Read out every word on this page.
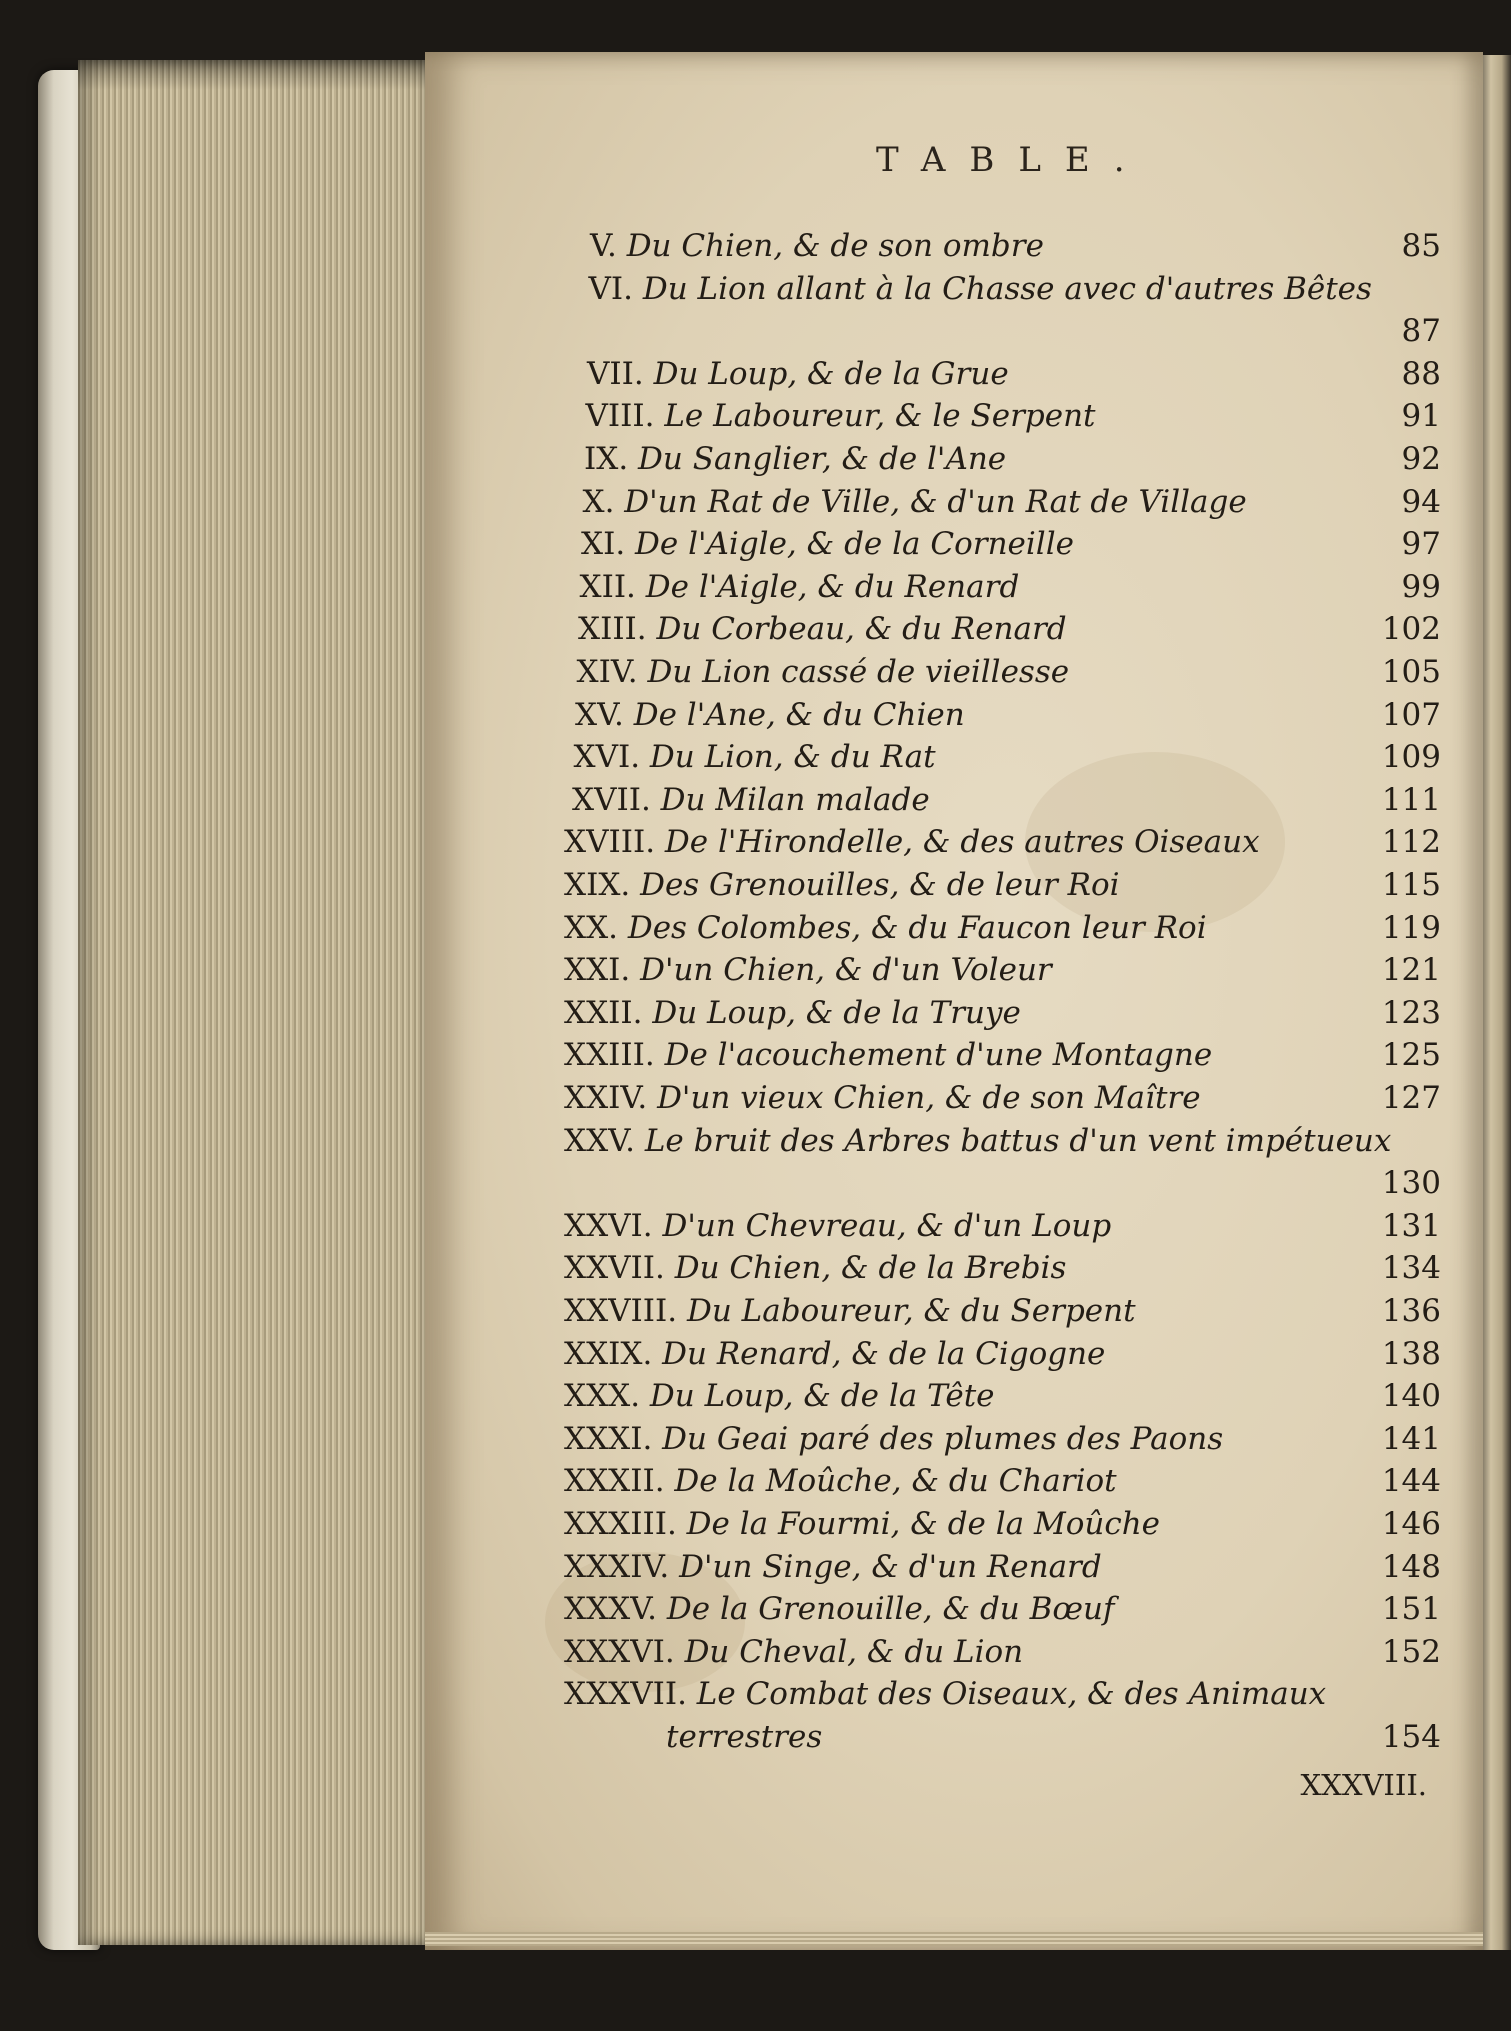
TABLE.
V. Du Chien, & de son ombre	85
VI. Du Lion allant à la Chasse avec d'autres Bêtes
87
VII. Du Loup, & de la Grue	88
VIII. Le Laboureur, & le Serpent	91
IX. Du Sanglier, & de l'Ane	92
X. D'un Rat de Ville, & d'un Rat de Village	94
XI. De l'Aigle, & de la Corneille	97
XII. De l'Aigle, & du Renard	99
XIII. Du Corbeau, & du Renard	102
XIV. Du Lion cassé de vieillesse	105
XV. De l'Ane, & du Chien	107
XVI. Du Lion, & du Rat	109
XVII. Du Milan malade	111
XVIII. De l'Hirondelle, & des autres Oiseaux	112
XIX. Des Grenouilles, & de leur Roi	115
XX. Des Colombes, & du Faucon leur Roi	119
XXI. D'un Chien, & d'un Voleur	121
XXII. Du Loup, & de la Truye	123
XXIII. De l'acouchement d'une Montagne	125
XXIV. D'un vieux Chien, & de son Maître	127
XXV. Le bruit des Arbres battus d'un vent impétueux
130
XXVI. D'un Chevreau, & d'un Loup	131
XXVII. Du Chien, & de la Brebis	134
XXVIII. Du Laboureur, & du Serpent	136
XXIX. Du Renard, & de la Cigogne	138
XXX. Du Loup, & de la Tête	140
XXXI. Du Geai paré des plumes des Paons	141
XXXII. De la Moûche, & du Chariot	144
XXXIII. De la Fourmi, & de la Moûche	146
XXXIV. D'un Singe, & d'un Renard	148
XXXV. De la Grenouille, & du Bœuf	151
XXXVI. Du Cheval, & du Lion	152
XXXVII. Le Combat des Oiseaux, & des Animaux
terrestres	154
XXXVIII.
